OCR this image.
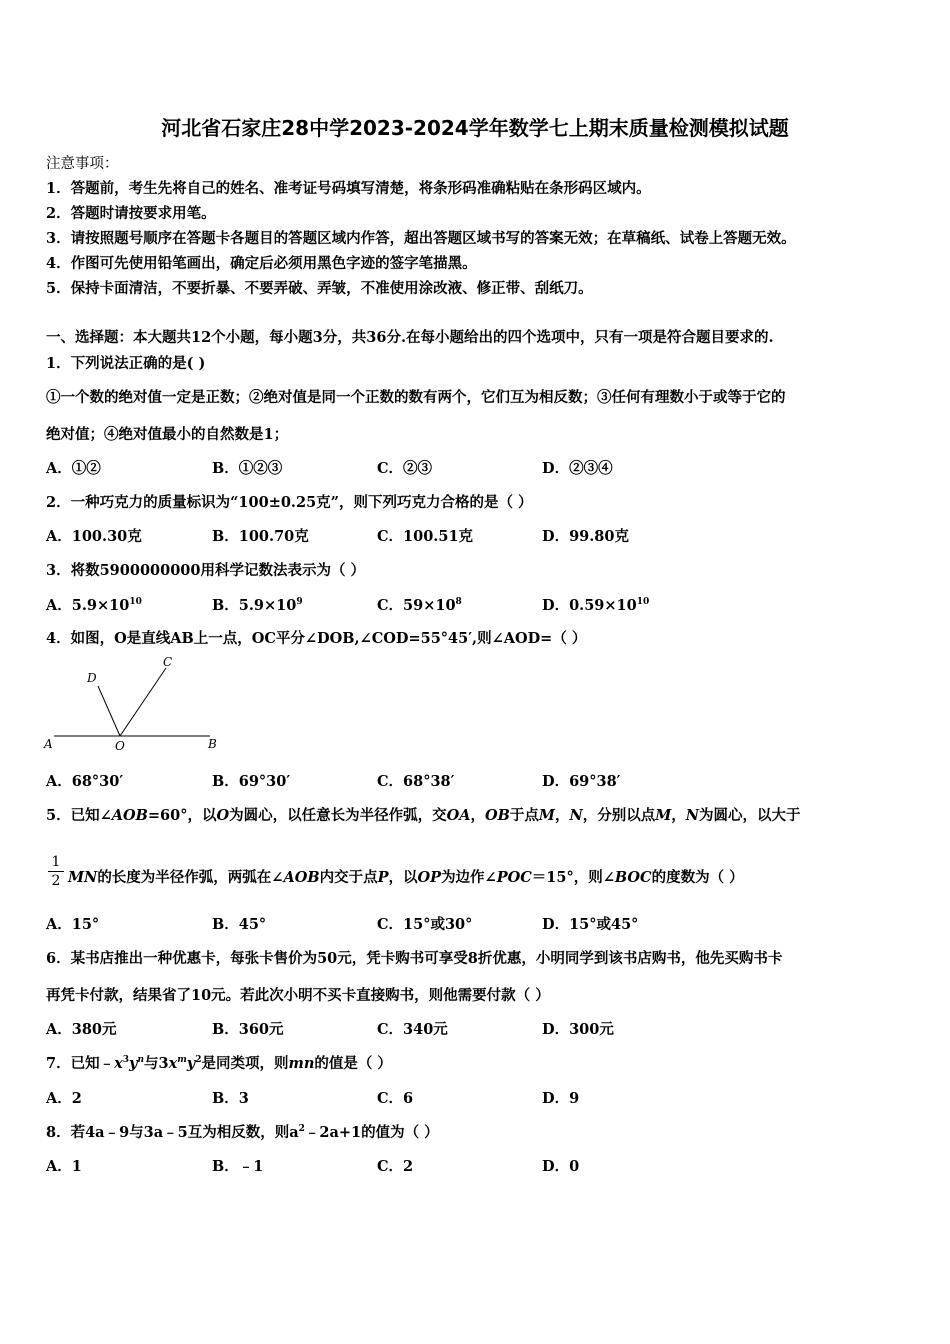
河北省石家庄28中学2023-2024学年数学七上期末质量检测模拟试题
注意事项：
1．答题前，考生先将自己的姓名、准考证号码填写清楚，将条形码准确粘贴在条形码区域内。
2．答题时请按要求用笔。
3．请按照题号顺序在答题卡各题目的答题区域内作答，超出答题区域书写的答案无效；在草稿纸、试卷上答题无效。
4．作图可先使用铅笔画出，确定后必须用黑色字迹的签字笔描黑。
5．保持卡面清洁，不要折暴、不要弄破、弄皱，不准使用涂改液、修正带、刮纸刀。
一、选择题：本大题共12个小题，每小题3分，共36分.在每小题给出的四个选项中，只有一项是符合题目要求的.
1．下列说法正确的是( )
①一个数的绝对值一定是正数；②绝对值是同一个正数的数有两个，它们互为相反数；③任何有理数小于或等于它的
绝对值；④绝对值最小的自然数是1；
A．①②	B．①②③	C．②③	D．②③④
2．一种巧克力的质量标识为“100±0.25克”，则下列巧克力合格的是（ ）
A．100.30克	B．100.70克	C．100.51克	D．99.80克
3．将数5900000000用科学记数法表示为（ ）
A．$5.9\times 10^{10}$	B．$5.9\times 10^9$	C．$59\times 10^8$	D．$0.59\times 10^{10}$
4．如图，O是直线AB上一点，OC平分∠DOB,∠COD=55°45′,则∠AOD=（ ）
A	O	B
D
C
A．68°30′	B．69°30′	C．68°38′	D．69°38′
5．已知∠AOB=60°，以O为圆心，以任意长为半径作弧，交OA，OB于点M，N，分别以点M，N为圆心，以大于
$\frac{1}{2}$ MN的长度为半径作弧，两弧在∠AOB内交于点P，以OP为边作∠POC＝15°，则∠BOC的度数为（ ）
A．15°	B．45°	C．15°或30°	D．15°或45°
6．某书店推出一种优惠卡，每张卡售价为50元，凭卡购书可享受8折优惠，小明同学到该书店购书，他先买购书卡
再凭卡付款，结果省了10元。若此次小明不买卡直接购书，则他需要付款（ ）
A．380元	B．360元	C．340元	D．300元
7．已知$﹣x^3y^n$与$3x^my^2$是同类项，则mn的值是（ ）
A．2	B．3	C．6	D．9
8．若4a﹣9与3a﹣5互为相反数，则$a^2﹣2a+1$的值为（ ）
A．1	B．﹣1	C．2	D．0
